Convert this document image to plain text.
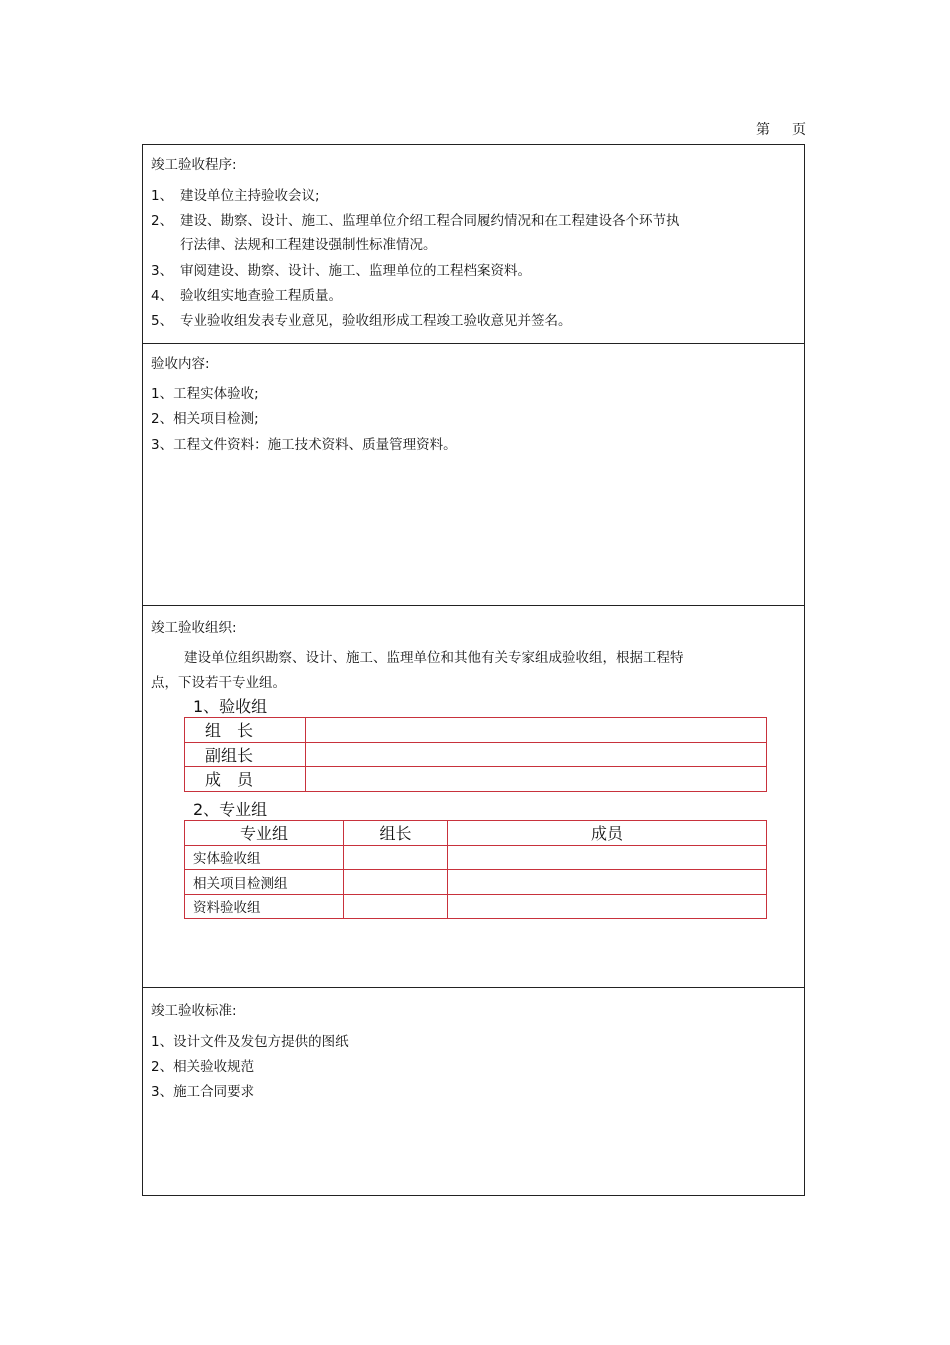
第 页
竣工验收程序:
1、 建设单位主持验收会议;
2、 建设、勘察、设计、施工、监理单位介绍工程合同履约情况和在工程建设各个环节执
行法律、法规和工程建设强制性标准情况。
3、 审阅建设、勘察、设计、施工、监理单位的工程档案资料。
4、 验收组实地查验工程质量。
5、 专业验收组发表专业意见，验收组形成工程竣工验收意见并签名。
验收内容:
1、工程实体验收;
2、相关项目检测;
3、工程文件资料：施工技术资料、质量管理资料。
竣工验收组织:
建设单位组织勘察、设计、施工、监理单位和其他有关专家组成验收组，根据工程特
点，下设若干专业组。
1、验收组
组　长	
副组长	
成　员	
2、专业组
专业组	组长	成员
实体验收组		
相关项目检测组		
资料验收组		
竣工验收标准:
1、设计文件及发包方提供的图纸
2、相关验收规范
3、施工合同要求
